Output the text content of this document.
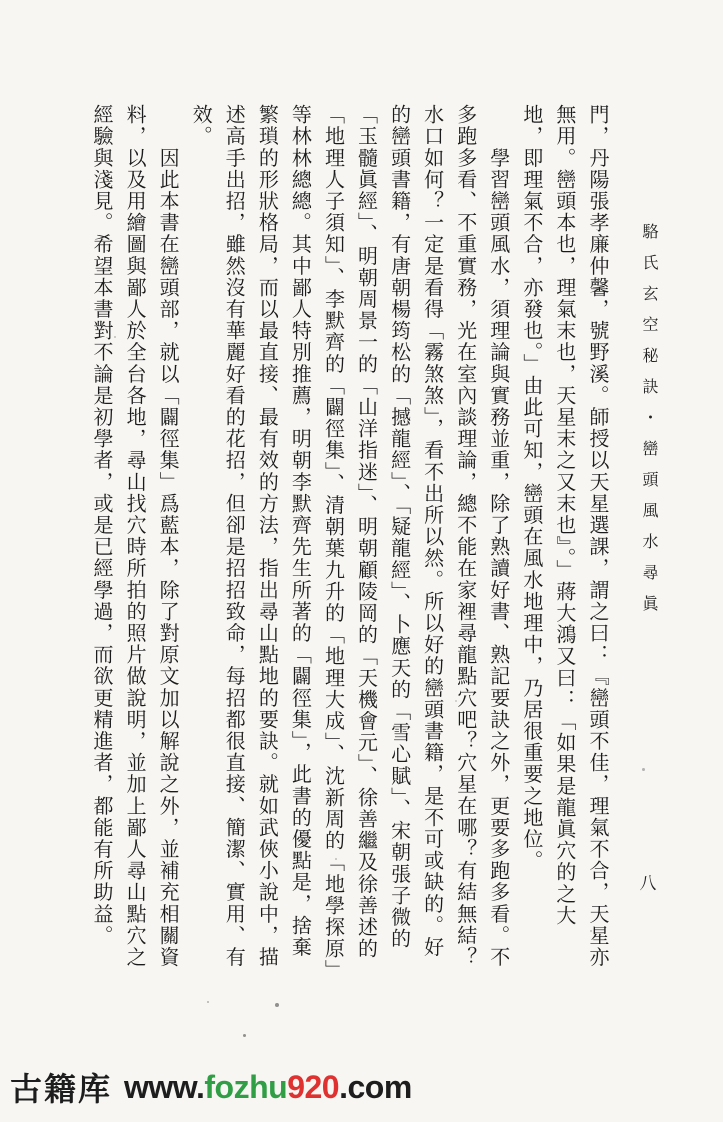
駱氏玄空秘訣・巒頭風水尋眞
八
門，丹陽張孝廉仲馨，號野溪。師授以天星選課，謂之曰：『巒頭不佳，理氣不合，天星亦
無用。巒頭本也，理氣末也，天星末之又末也』。」蔣大鴻又曰：「如果是龍眞穴的之大
地，即理氣不合，亦發也。」由此可知，巒頭在風水地理中，乃居很重要之地位。
　　學習巒頭風水，須理論與實務並重，除了熟讀好書、熟記要訣之外，更要多跑多看。不
多跑多看、不重實務，光在室內談理論，總不能在家裡尋龍點穴吧？穴星在哪？有結無結？
水口如何？一定是看得「霧煞煞」，看不出所以然。所以好的巒頭書籍，是不可或缺的。好
的巒頭書籍，有唐朝楊筠松的「撼龍經」、「疑龍經」、卜應天的「雪心賦」、宋朝張子微的
「玉髓眞經」、明朝周景一的「山洋指迷」、明朝顧陵岡的「天機會元」、徐善繼及徐善述的
「地理人子須知」、李默齊的「闢徑集」、清朝葉九升的「地理大成」、沈新周的「地學探原」
等林林總總。其中鄙人特別推薦，明朝李默齊先生所著的「闢徑集」，此書的優點是，捨棄
繁瑣的形狀格局，而以最直接、最有效的方法，指出尋山點地的要訣。就如武俠小說中，描
述高手出招，雖然沒有華麗好看的花招，但卻是招招致命，每招都很直接、簡潔、實用、有
效。
　　因此本書在巒頭部，就以「闢徑集」爲藍本，除了對原文加以解說之外，並補充相關資
料，以及用繪圖與鄙人於全台各地，尋山找穴時所拍的照片做說明，並加上鄙人尋山點穴之
經驗與淺見。希望本書對不論是初學者，或是已經學過，而欲更精進者，都能有所助益。
古籍库 www.fozhu920.com
